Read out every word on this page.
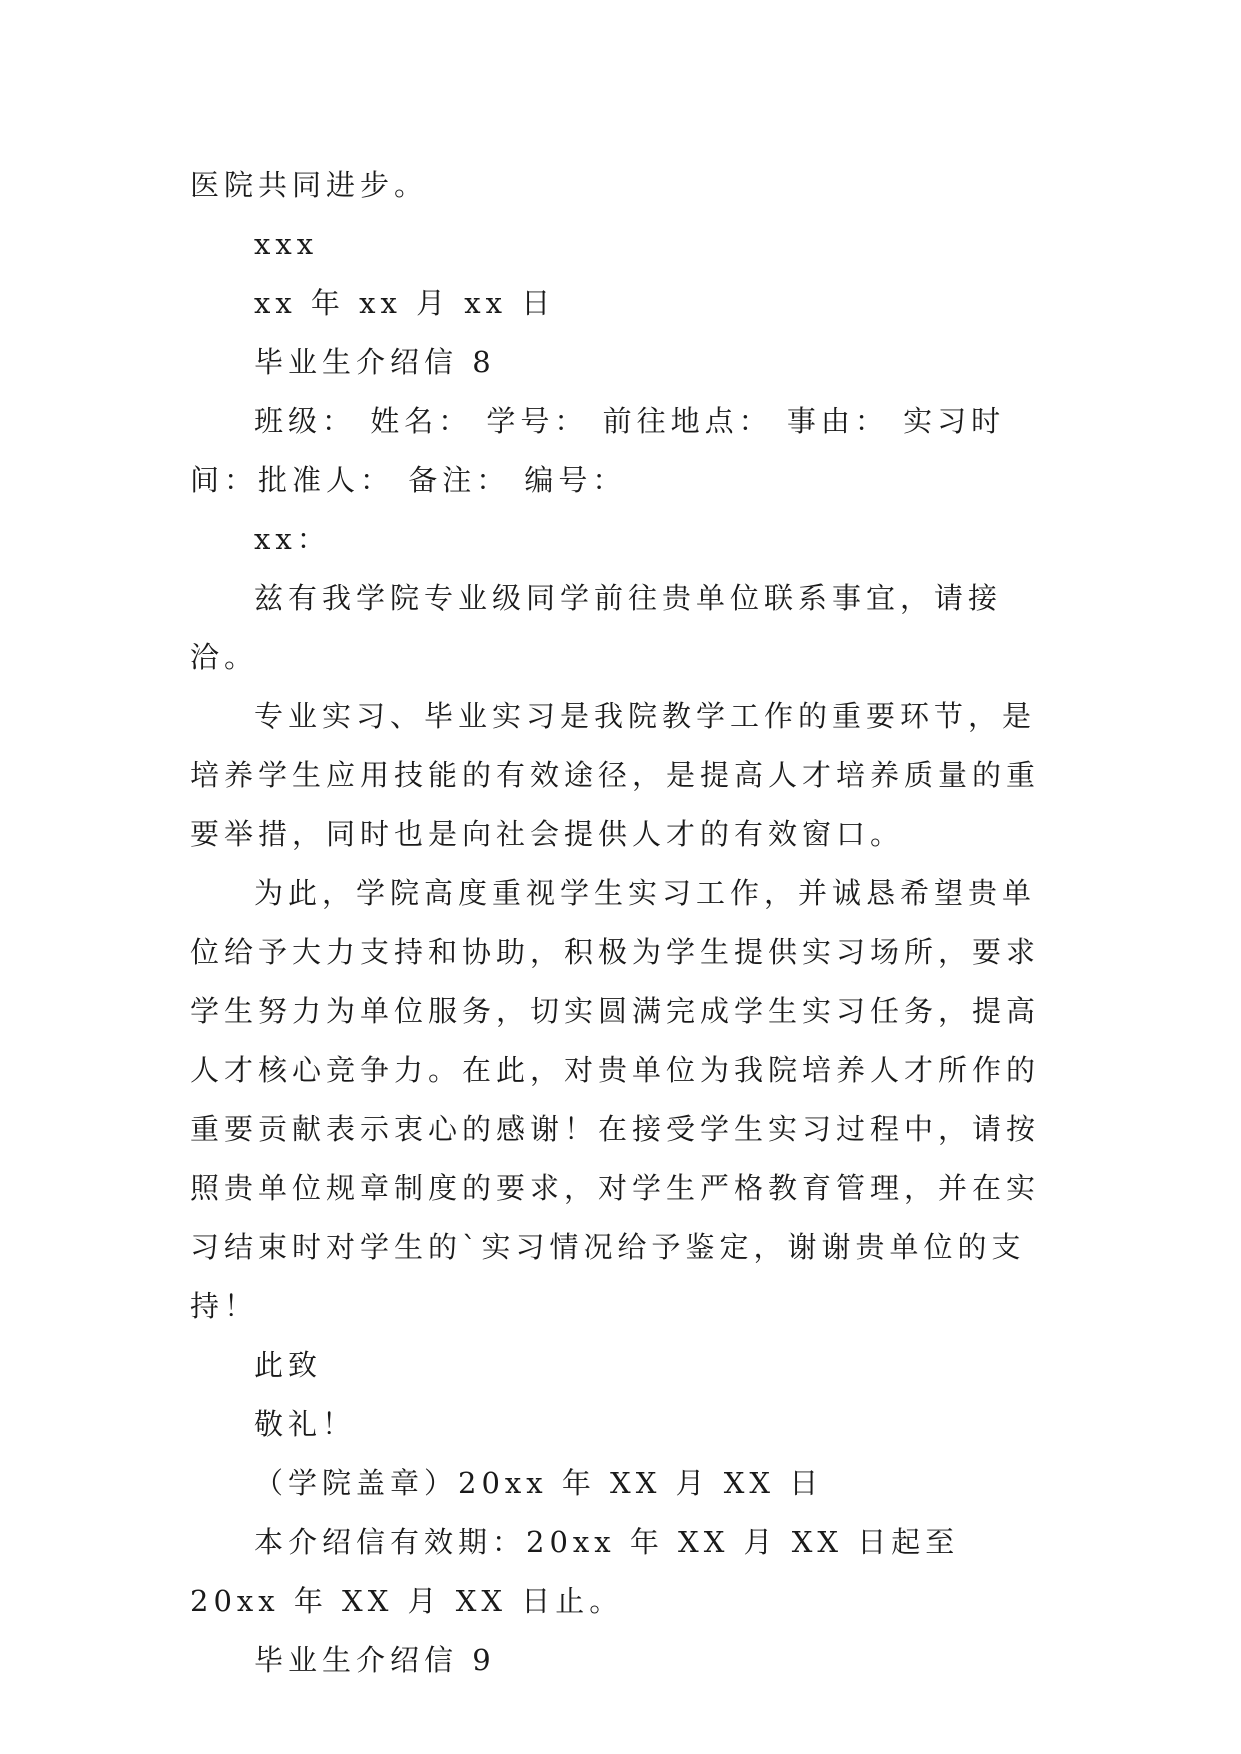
医院共同进步。

xxx

xx 年 xx 月 xx 日

毕业生介绍信 8

班级： 姓名： 学号： 前往地点： 事由： 实习时间：批准人： 备注： 编号：

xx：

兹有我学院专业级同学前往贵单位联系事宜，请接洽。

专业实习、毕业实习是我院教学工作的重要环节，是培养学生应用技能的有效途径，是提高人才培养质量的重要举措，同时也是向社会提供人才的有效窗口。

为此，学院高度重视学生实习工作，并诚恳希望贵单位给予大力支持和协助，积极为学生提供实习场所，要求学生努力为单位服务，切实圆满完成学生实习任务，提高人才核心竞争力。在此，对贵单位为我院培养人才所作的重要贡献表示衷心的感谢！在接受学生实习过程中，请按照贵单位规章制度的要求，对学生严格教育管理，并在实习结束时对学生的`实习情况给予鉴定，谢谢贵单位的支持！

此致

敬礼！

（学院盖章）20xx 年 XX 月 XX 日

本介绍信有效期：20xx 年 XX 月 XX 日起至 20xx 年 XX 月 XX 日止。

毕业生介绍信 9
